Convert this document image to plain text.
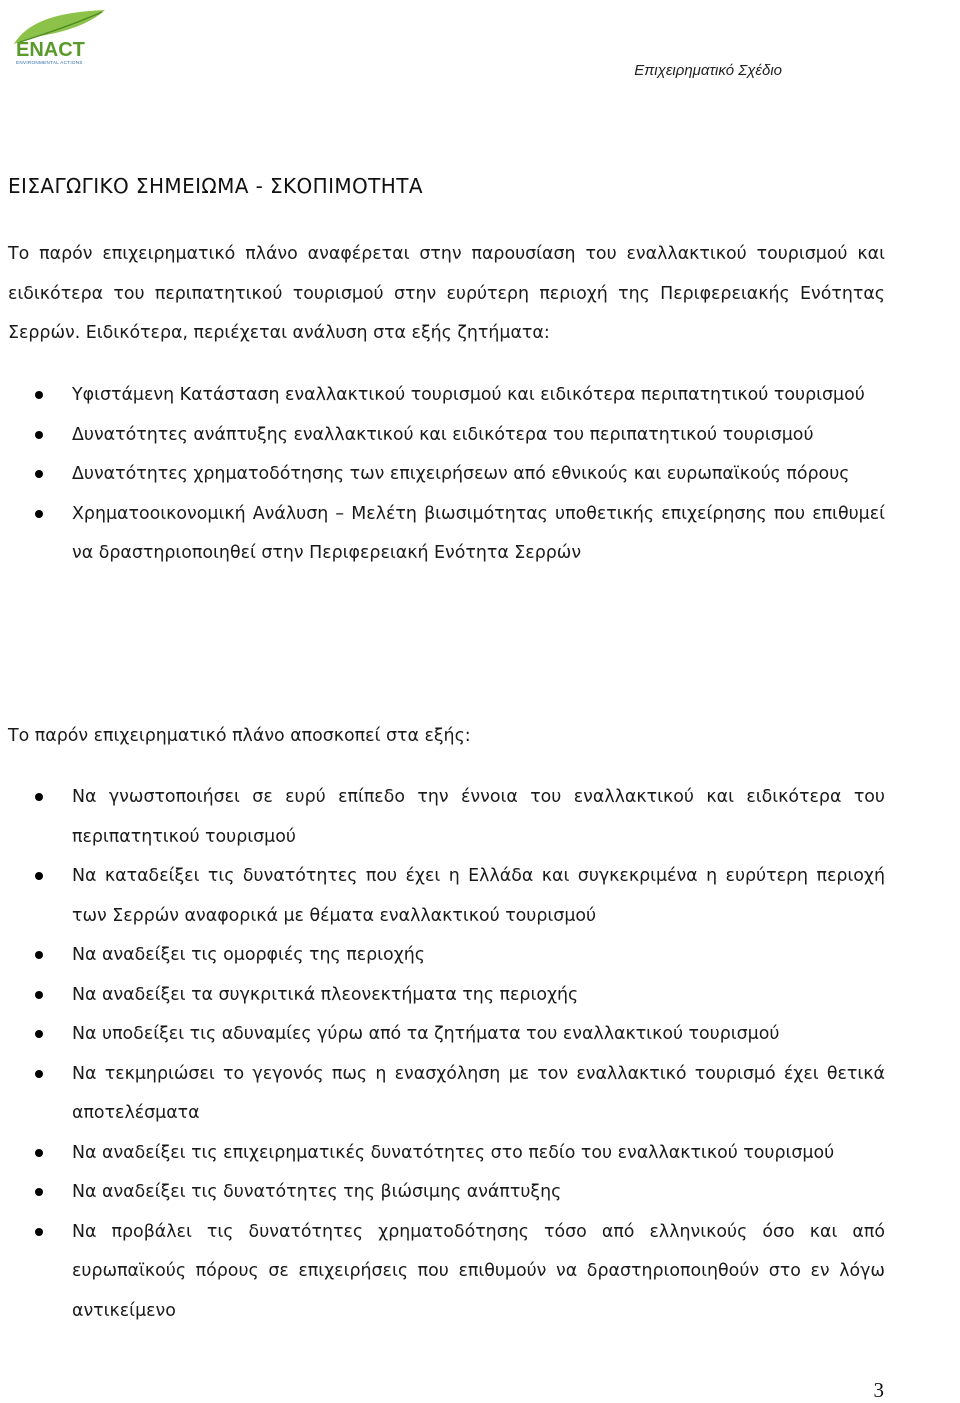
ENACT
ENVIRONMENTAL ACTIONS	Επιχειρηματικό Σχέδιο
ΕΙΣΑΓΩΓΙΚΟ ΣΗΜΕΙΩΜΑ - ΣΚΟΠΙΜΟΤΗΤΑ

Το παρόν επιχειρηματικό πλάνο αναφέρεται στην παρουσίαση του εναλλακτικού τουρισμού και ειδικότερα του περιπατητικού τουρισμού στην ευρύτερη περιοχή της Περιφερειακής Ενότητας Σερρών. Ειδικότερα, περιέχεται ανάλυση στα εξής ζητήματα:

Υφιστάμενη Κατάσταση εναλλακτικού τουρισμού και ειδικότερα περιπατητικού τουρισμού
Δυνατότητες ανάπτυξης εναλλακτικού και ειδικότερα του περιπατητικού τουρισμού
Δυνατότητες χρηματοδότησης των επιχειρήσεων από εθνικούς και ευρωπαϊκούς πόρους
Χρηματοοικονομική Ανάλυση – Μελέτη βιωσιμότητας υποθετικής επιχείρησης που επιθυμεί να δραστηριοποιηθεί στην Περιφερειακή Ενότητα Σερρών

Το παρόν επιχειρηματικό πλάνο αποσκοπεί στα εξής:

Να γνωστοποιήσει σε ευρύ επίπεδο την έννοια του εναλλακτικού και ειδικότερα του περιπατητικού τουρισμού
Να καταδείξει τις δυνατότητες που έχει η Ελλάδα και συγκεκριμένα η ευρύτερη περιοχή των Σερρών αναφορικά με θέματα εναλλακτικού τουρισμού
Να αναδείξει τις ομορφιές της περιοχής
Να αναδείξει τα συγκριτικά πλεονεκτήματα της περιοχής
Να υποδείξει τις αδυναμίες γύρω από τα ζητήματα του εναλλακτικού τουρισμού
Να τεκμηριώσει το γεγονός πως η ενασχόληση με τον εναλλακτικό τουρισμό έχει θετικά αποτελέσματα
Να αναδείξει τις επιχειρηματικές δυνατότητες στο πεδίο του εναλλακτικού τουρισμού
Να αναδείξει τις δυνατότητες της βιώσιμης ανάπτυξης
Να προβάλει τις δυνατότητες χρηματοδότησης τόσο από ελληνικούς όσο και από ευρωπαϊκούς πόρους σε επιχειρήσεις που επιθυμούν να δραστηριοποιηθούν στο εν λόγω αντικείμενο
3
